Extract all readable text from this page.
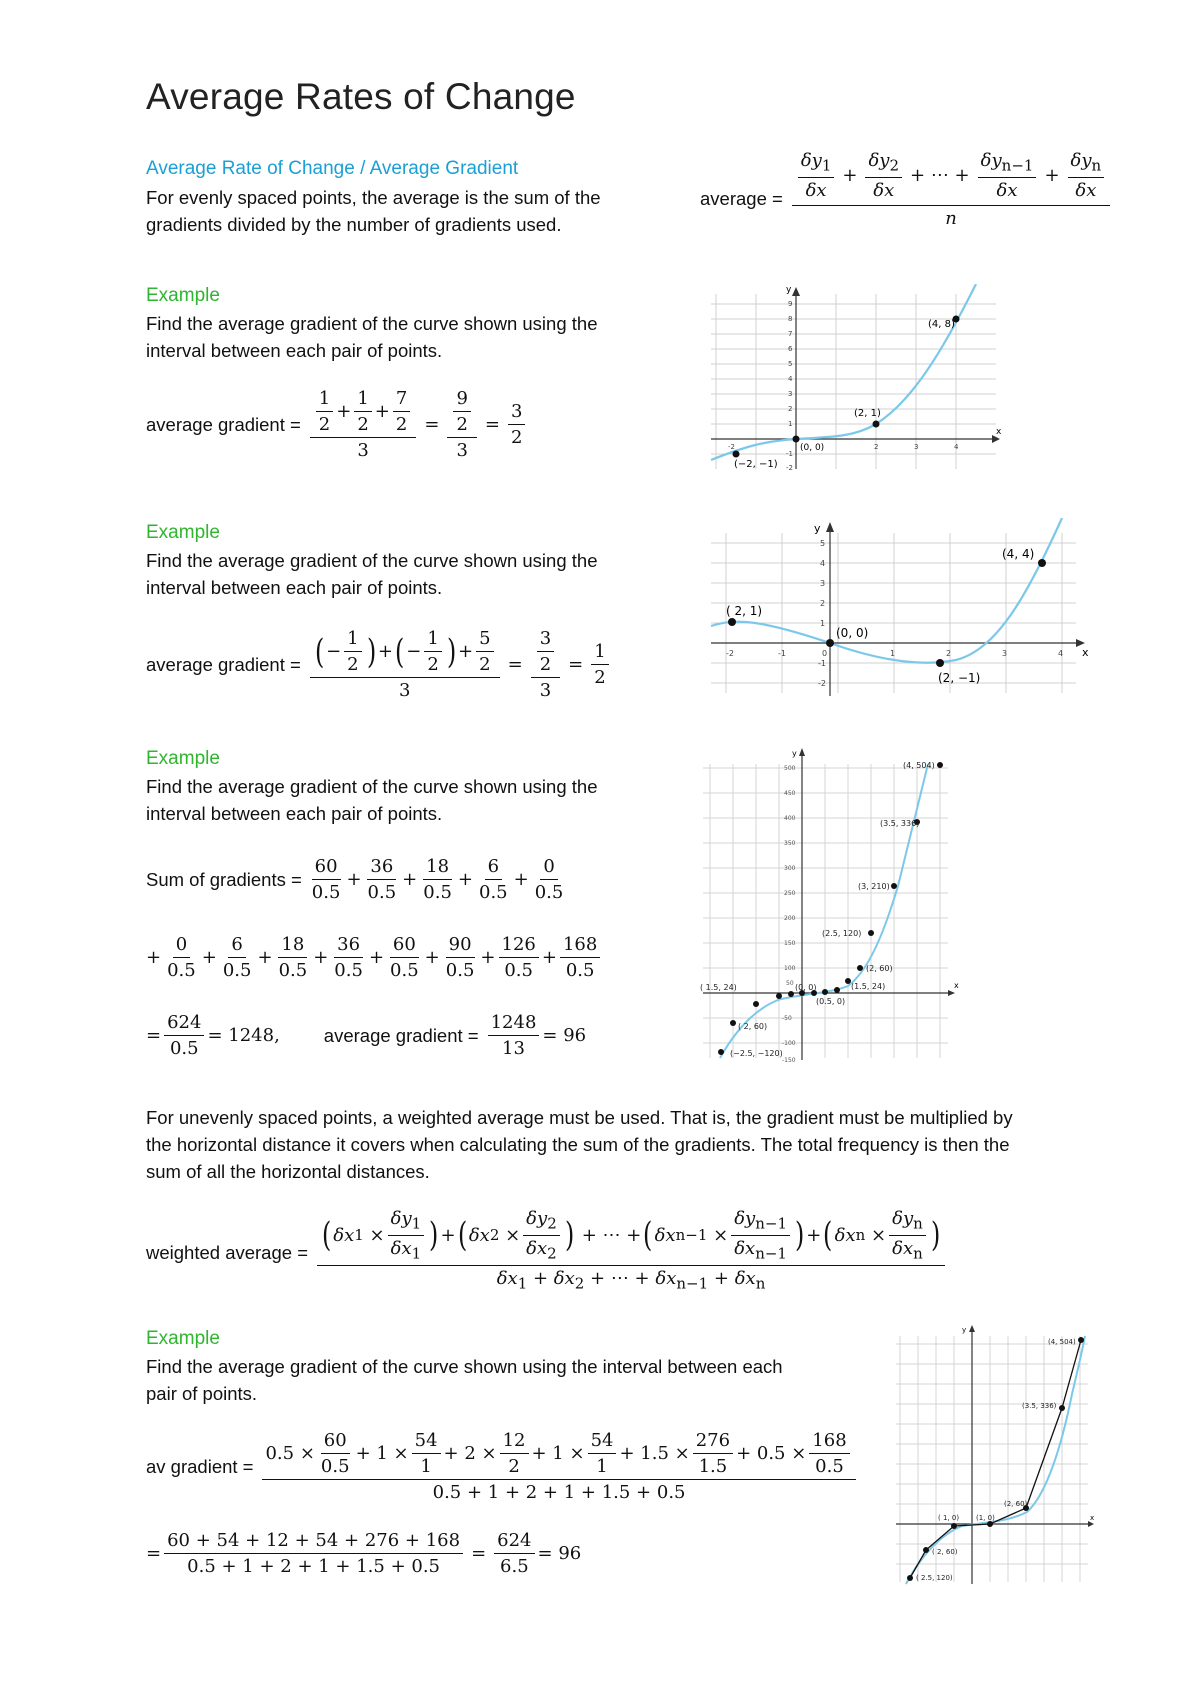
Average Rates of Change
Average Rate of Change / Average Gradient
For evenly spaced points, the average is the sum of the
gradients divided by the number of gradients used.
average = $\frac{\frac{\delta y_1}{\delta x} + \frac{\delta y_2}{\delta x} + \cdots + \frac{\delta y_{n-1}}{\delta x} + \frac{\delta y_n}{\delta x}}{n}$
Example
Find the average gradient of the curve shown using the
interval between each pair of points.
average gradient = $\frac{\frac{1}{2} + \frac{1}{2} + \frac{7}{2}}{3} = \frac{\frac{9}{2}}{3} = \frac{3}{2}$
(4, 8)
(2, 1)
(0, 0)
(−2, −1)
y
x
-2	2	3	4
9
8
7
6
5
4
3
2
1
-1
-2
Example
Find the average gradient of the curve shown using the
interval between each pair of points.
average gradient = $\frac{( - \frac{1}{2} ) + ( - \frac{1}{2} ) + \frac{5}{2}}{3} = \frac{\frac{3}{2}}{3} = \frac{1}{2}$
(4, 4)
( 2, 1)
(0, 0)
(2, −1)
y
x
-2	-1	0	1	2	3	4
5
4
3
2
1
-1
-2
Example
Find the average gradient of the curve shown using the
interval between each pair of points.
Sum of gradients = $\frac{60}{0.5} + \frac{36}{0.5} + \frac{18}{0.5} + \frac{6}{0.5} + \frac{0}{0.5}$
+ $\frac{0}{0.5} + \frac{6}{0.5} + \frac{18}{0.5} + \frac{36}{0.5} + \frac{60}{0.5} + \frac{90}{0.5} + \frac{126}{0.5} + \frac{168}{0.5}$
= $\frac{624}{0.5} = 1248$, average gradient = $\frac{1248}{13} = 96$
(4, 504)
(3.5, 336)
(3, 210)
(2.5, 120)
(2, 60)
(1.5, 24)
(0, 0)
(0.5, 0)
( 2, 60)
(−2.5, −120)
( 1.5, 24)
y
x
500
450
400
350
300
250
200
150
100
50
-50
-100
-150
For unevenly spaced points, a weighted average must be used. That is, the gradient must be multiplied by
the horizontal distance it covers when calculating the sum of the gradients. The total frequency is then the
sum of all the horizontal distances.
weighted average = ( δx $1 \times \frac{\delta y_1}{\delta x_1}$ ) + ( δx $2 \times \frac{\delta y_2}{\delta x_2}$ ) + ⋯ + ( δx $n-1 \times \frac{\delta y_{n-1}}{\delta x_{n-1}}$ ) + ( δx $n \times \frac{\delta y_n}{\delta x_n}$ )
$\delta x_1 + \delta x_2$ + ⋯ + $\delta x_{n-1} + \delta x_n$
Example
Find the average gradient of the curve shown using the interval between each
pair of points.
av gradient = $\frac{0.5 \times \frac{60}{0.5} + 1 \times \frac{54}{1} + 2 \times \frac{12}{2} + 1 \times \frac{54}{1} + 1.5 \times \frac{276}{1.5} + 0.5 \times \frac{168}{0.5}}{0.5 + 1 + 2 + 1 + 1.5 + 0.5}$
= $\frac{60 + 54 + 12 + 54 + 276 + 168}{0.5 + 1 + 2 + 1 + 1.5 + 0.5} = \frac{624}{6.5} = 96$
(4, 504)
(3.5, 336)
(2, 60)
(1, 0)
( 1, 0)
( 2, 60)
( 2.5, 120)
y
x
